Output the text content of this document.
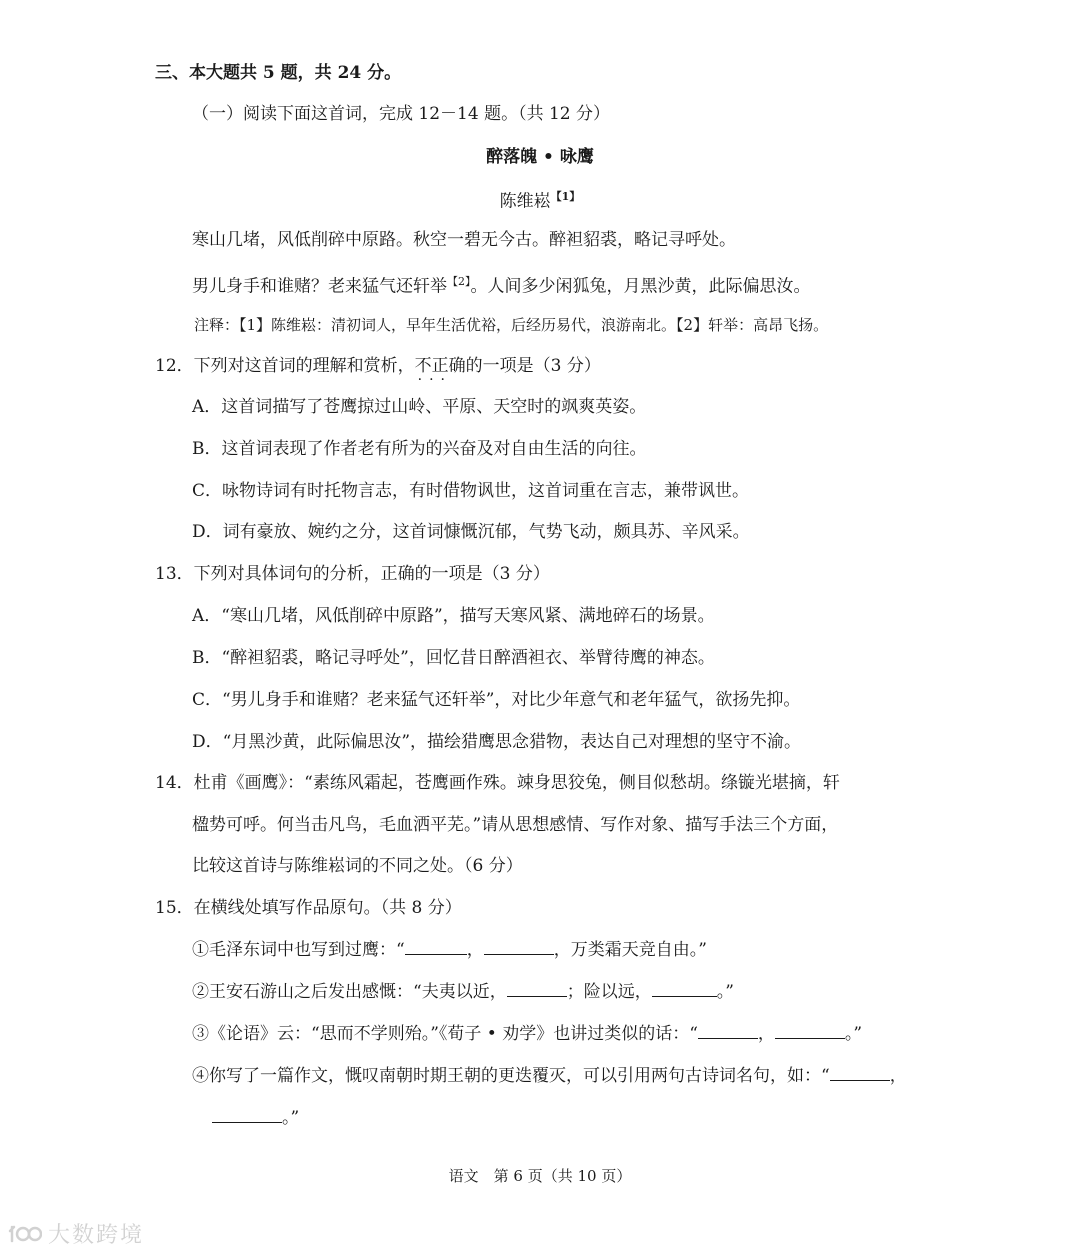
三、本大题共 5 题，共 24 分。
（一）阅读下面这首词，完成 12－14 题。（共 12 分）
醉落魄 • 咏鹰
陈维崧$^{【1】}$
寒山几堵，风低削碎中原路。秋空一碧无今古。醉袒貂裘，略记寻呼处。
男儿身手和谁赌？老来猛气还轩举$^{【2】}$。人间多少闲狐兔，月黑沙黄，此际偏思汝。
注释：【1】陈维崧：清初词人，早年生活优裕，后经历易代，浪游南北。【2】轩举：高昂飞扬。
12．下列对这首词的理解和赏析，不正确 ···的一项是（3 分）
A．这首词描写了苍鹰掠过山岭、平原、天空时的飒爽英姿。
B．这首词表现了作者老有所为的兴奋及对自由生活的向往。
C．咏物诗词有时托物言志，有时借物讽世，这首词重在言志，兼带讽世。
D．词有豪放、婉约之分，这首词慷慨沉郁，气势飞动，颇具苏、辛风采。
13．下列对具体词句的分析，正确的一项是（3 分）
A．“寒山几堵，风低削碎中原路”，描写天寒风紧、满地碎石的场景。
B．“醉袒貂裘，略记寻呼处”，回忆昔日醉酒袒衣、举臂待鹰的神态。
C．“男儿身手和谁赌？老来猛气还轩举”，对比少年意气和老年猛气，欲扬先抑。
D．“月黑沙黄，此际偏思汝”，描绘猎鹰思念猎物，表达自己对理想的坚守不渝。
14．杜甫《画鹰》：“素练风霜起，苍鹰画作殊。竦身思狡兔，侧目似愁胡。绦镟光堪摘，轩
楹势可呼。何当击凡鸟，毛血洒平芜。”请从思想感情、写作对象、描写手法三个方面，
比较这首诗与陈维崧词的不同之处。（6 分）
15．在横线处填写作品原句。（共 8 分）
①毛泽东词中也写到过鹰：“	，	，万类霜天竞自由。”
②王安石游山之后发出感慨：“夫夷以近，	；险以远，	。”
③《论语》云：“思而不学则殆。”《荀子 • 劝学》也讲过类似的话：“	，	。”
④你写了一篇作文，慨叹南朝时期王朝的更迭覆灭，可以引用两句古诗词名句，如：“	，
。”
语文　第 6 页（共 10 页）
大数跨境
